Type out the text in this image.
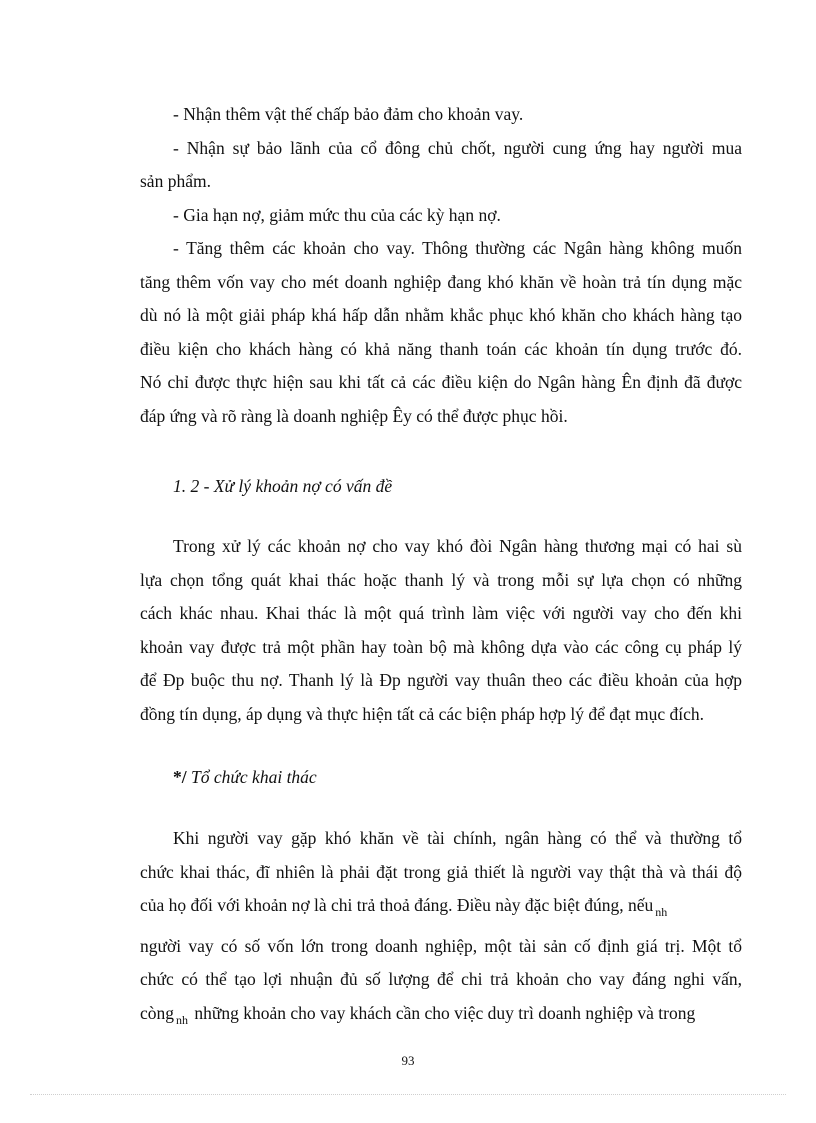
- Nhận thêm vật thế chấp bảo đảm cho khoản vay.
- Nhận sự bảo lãnh của cổ đông chủ chốt, người cung ứng hay người mua
sản phẩm.
- Gia hạn nợ, giảm mức thu của các kỳ hạn nợ.
- Tăng thêm các khoản cho vay. Thông thường các Ngân hàng không muốn
tăng thêm vốn vay cho mét doanh nghiệp đang khó khăn về hoàn trả tín dụng mặc
dù nó là một giải pháp khá hấp dẫn nhằm khắc phục khó khăn cho khách hàng tạo
điều kiện cho khách hàng có khả năng thanh toán các khoản tín dụng trước đó.
Nó chỉ được thực hiện sau khi tất cả các điều kiện do Ngân hàng Ên định đã được
đáp ứng và rõ ràng là doanh nghiệp Êy có thể được phục hồi.

1. 2 - Xử lý khoản nợ có vấn đề

Trong xử lý các khoản nợ cho vay khó đòi Ngân hàng thương mại có hai sù
lựa chọn tổng quát khai thác hoặc thanh lý và trong mỗi sự lựa chọn có những
cách khác nhau. Khai thác là một quá trình làm việc với người vay cho đến khi
khoản vay được trả một phần hay toàn bộ mà không dựa vào các công cụ pháp lý
để Ðp buộc thu nợ. Thanh lý là Ðp người vay thuân theo các điều khoản của hợp
đồng tín dụng, áp dụng và thực hiện tất cả các biện pháp hợp lý để đạt mục đích.

*/ Tổ chức khai thác

Khi người vay gặp khó khăn về tài chính, ngân hàng có thể và thường tổ
chức khai thác, đĩ nhiên là phải đặt trong giả thiết là người vay thật thà và thái độ
của họ đối với khoản nợ là chi trả thoả đáng. Điều này đặc biệt đúng, nếu $_{nh}$
người vay có số vốn lớn trong doanh nghiệp, một tài sản cố định giá trị. Một tổ
chức có thể tạo lợi nhuận đủ số lượng để chi trả khoản cho vay đáng nghi vấn,
còng $_{nh}$ những khoản cho vay khách cần cho việc duy trì doanh nghiệp và trong
93
